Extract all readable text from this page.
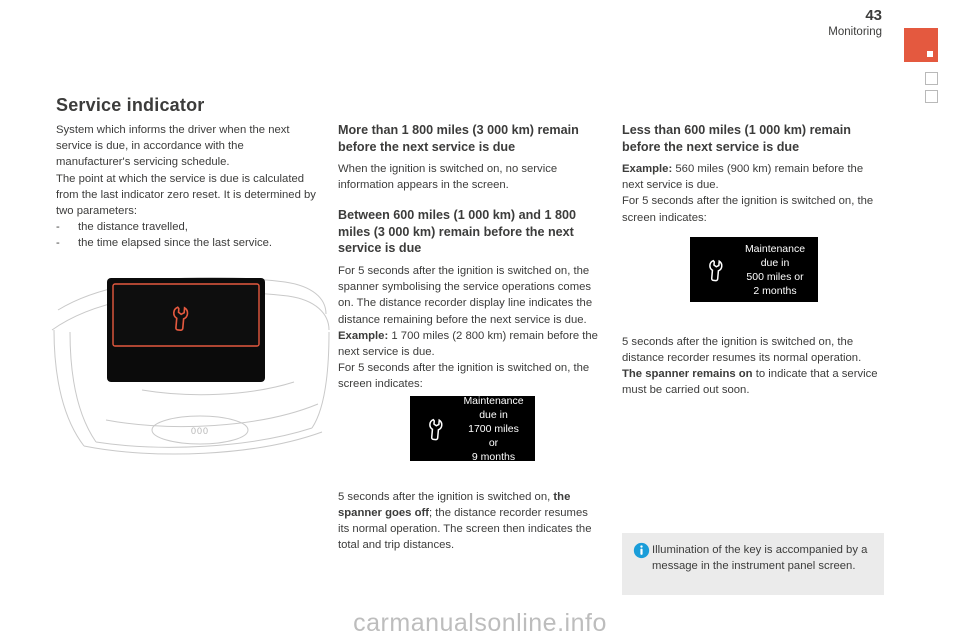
43
Monitoring
Service indicator

System which informs the driver when the next service is due, in accordance with the manufacturer's servicing schedule.

The point at which the service is due is calculated from the last indicator zero reset. It is determined by two parameters:

-	the distance travelled,
-	the time elapsed since the last service.
000
More than 1 800 miles (3 000 km) remain before the next service is due

When the ignition is switched on, no service information appears in the screen.

Between 600 miles (1 000 km) and 1 800 miles (3 000 km) remain before the next service is due

For 5 seconds after the ignition is switched on, the spanner symbolising the service operations comes on. The distance recorder display line indicates the distance remaining before the next service is due.

Example: 1 700 miles (2 800 km) remain before the next service is due.

For 5 seconds after the ignition is switched on, the screen indicates:

5 seconds after the ignition is switched on, the spanner goes off; the distance recorder resumes its normal operation. The screen then indicates the total and trip distances.

Maintenance due in
1700 miles or
9 months
Less than 600 miles (1 000 km) remain before the next service is due

Example: 560 miles (900 km) remain before the next service is due.

For 5 seconds after the ignition is switched on, the screen indicates:

5 seconds after the ignition is switched on, the distance recorder resumes its normal operation. The spanner remains on to indicate that a service must be carried out soon.

Maintenance due in
500 miles or
2 months
Illumination of the key is accompanied by a message in the instrument panel screen.
carmanualsonline.info
